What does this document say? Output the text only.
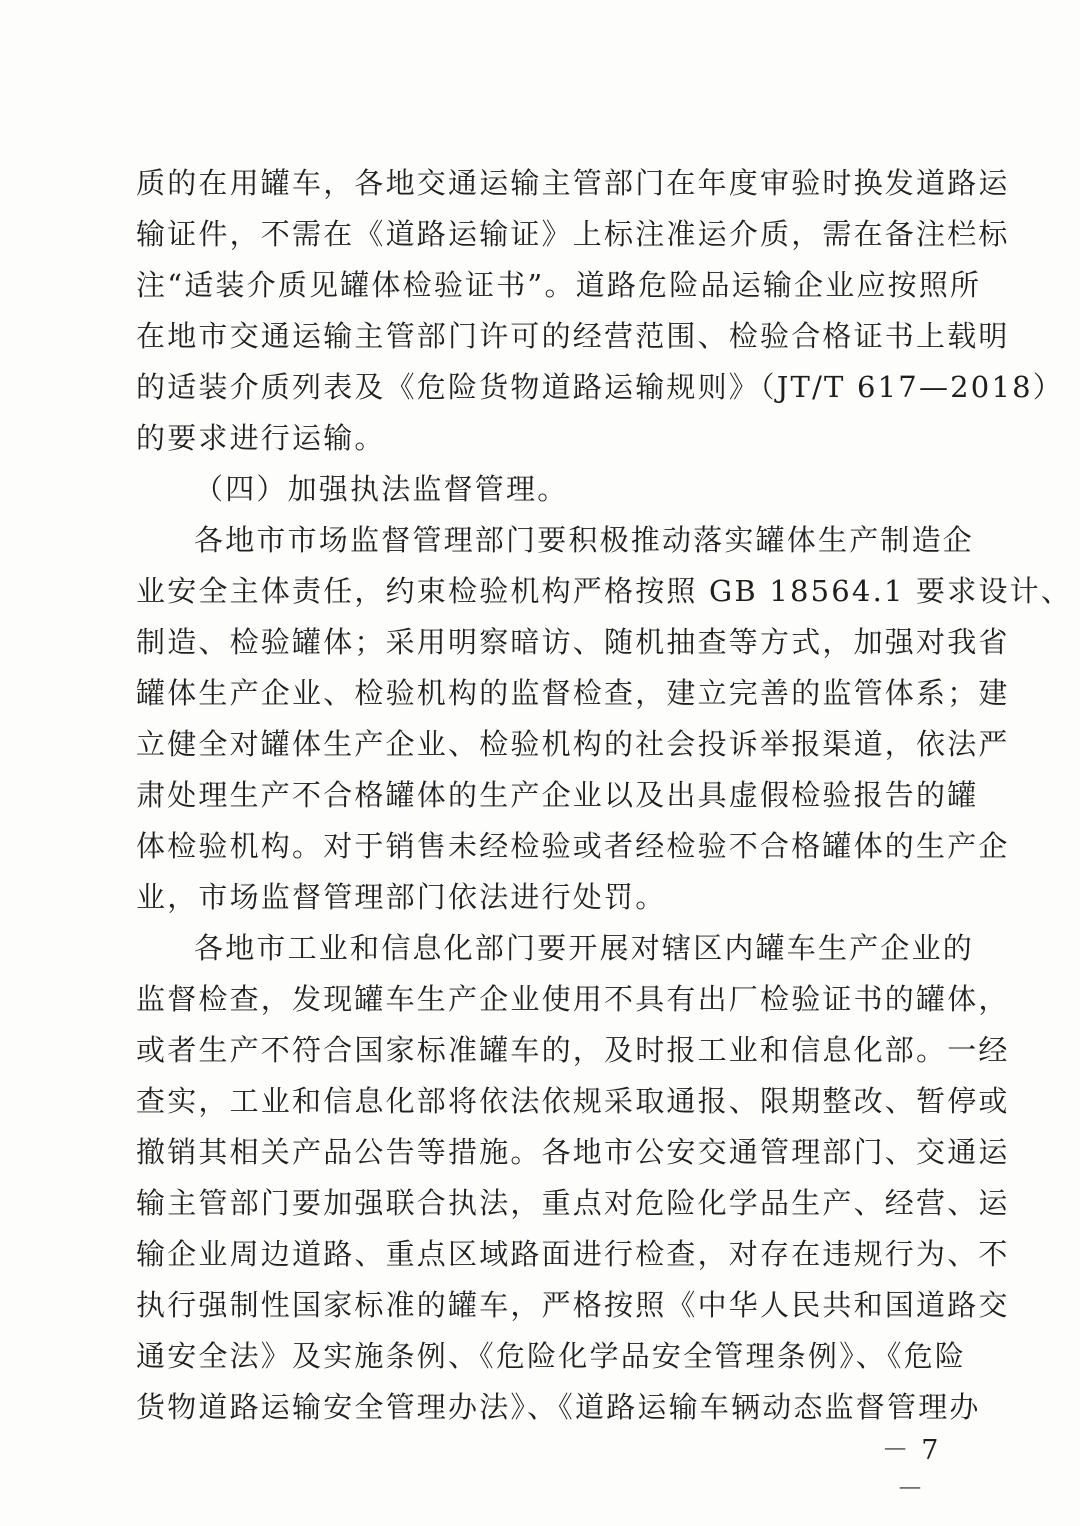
质的在用罐车，各地交通运输主管部门在年度审验时换发道路运
输证件，不需在《道路运输证》上标注准运介质，需在备注栏标
注“适装介质见罐体检验证书”。道路危险品运输企业应按照所
在地市交通运输主管部门许可的经营范围、检验合格证书上载明
的适装介质列表及《危险货物道路运输规则》（JT/T 617—2018）
的要求进行运输。
（四）加强执法监督管理。
各地市市场监督管理部门要积极推动落实罐体生产制造企
业安全主体责任，约束检验机构严格按照 GB 18564.1 要求设计、
制造、检验罐体；采用明察暗访、随机抽查等方式，加强对我省
罐体生产企业、检验机构的监督检查，建立完善的监管体系；建
立健全对罐体生产企业、检验机构的社会投诉举报渠道，依法严
肃处理生产不合格罐体的生产企业以及出具虚假检验报告的罐
体检验机构。对于销售未经检验或者经检验不合格罐体的生产企
业，市场监督管理部门依法进行处罚。
各地市工业和信息化部门要开展对辖区内罐车生产企业的
监督检查，发现罐车生产企业使用不具有出厂检验证书的罐体，
或者生产不符合国家标准罐车的，及时报工业和信息化部。一经
查实，工业和信息化部将依法依规采取通报、限期整改、暂停或
撤销其相关产品公告等措施。各地市公安交通管理部门、交通运
输主管部门要加强联合执法，重点对危险化学品生产、经营、运
输企业周边道路、重点区域路面进行检查，对存在违规行为、不
执行强制性国家标准的罐车，严格按照《中华人民共和国道路交
通安全法》及实施条例、《危险化学品安全管理条例》、《危险
货物道路运输安全管理办法》、《道路运输车辆动态监督管理办
－ 7 －
